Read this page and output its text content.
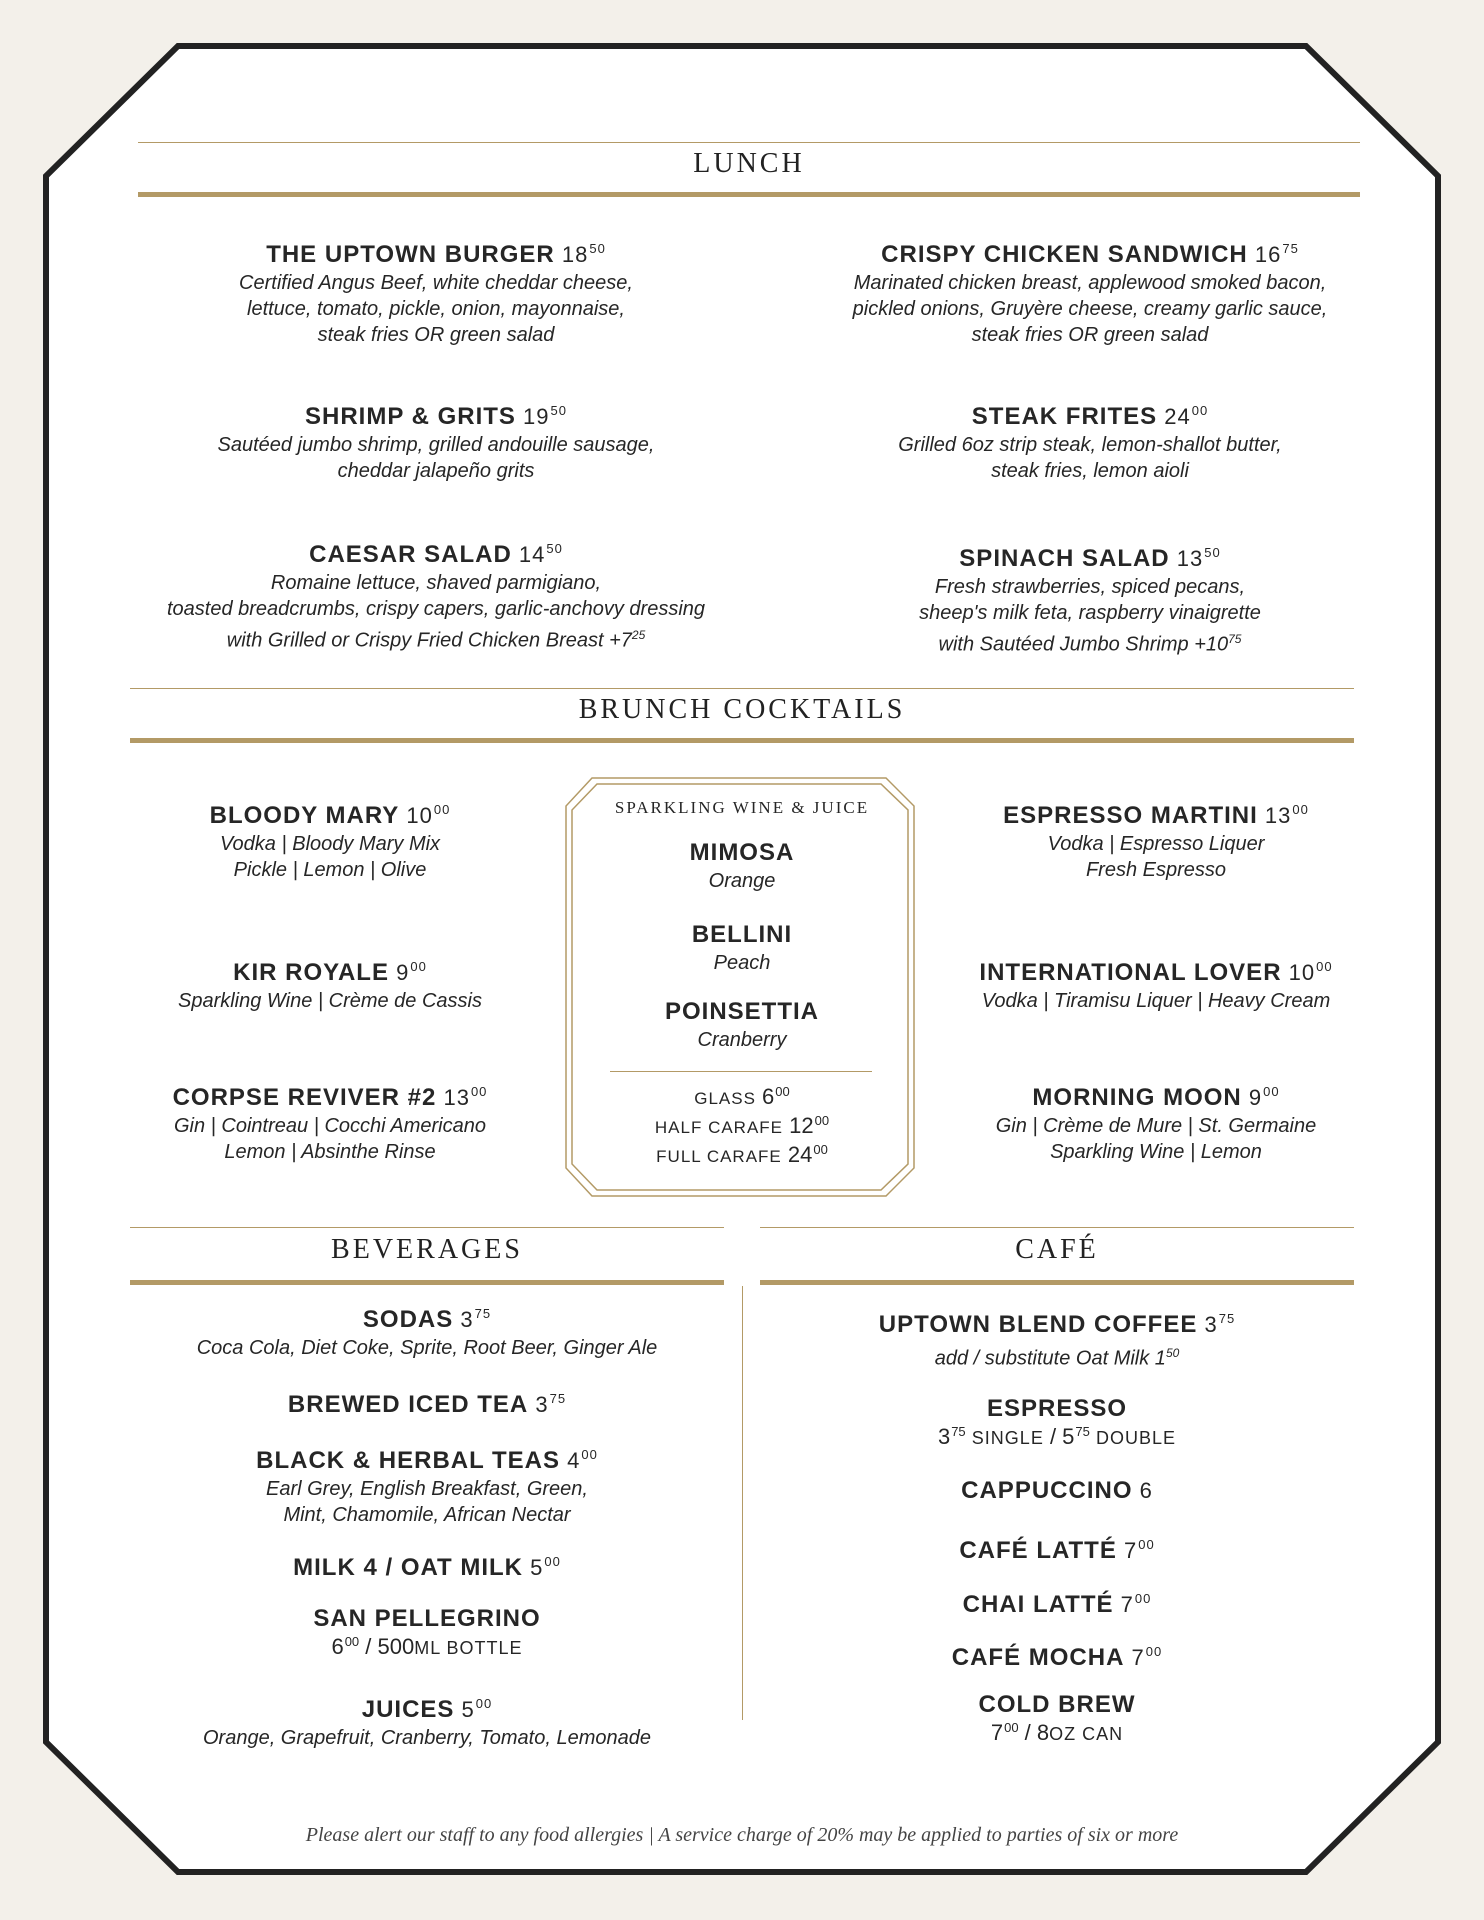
LUNCH
THE UPTOWN BURGER $18^{50}$
Certified Angus Beef, white cheddar cheese,
lettuce, tomato, pickle, onion, mayonnaise,
steak fries OR green salad
CRISPY CHICKEN SANDWICH $16^{75}$
Marinated chicken breast, applewood smoked bacon,
pickled onions, Gruyère cheese, creamy garlic sauce,
steak fries OR green salad
SHRIMP & GRITS $19^{50}$
Sautéed jumbo shrimp, grilled andouille sausage,
cheddar jalapeño grits
STEAK FRITES $24^{00}$
Grilled 6oz strip steak, lemon-shallot butter,
steak fries, lemon aioli
CAESAR SALAD $14^{50}$
Romaine lettuce, shaved parmigiano,
toasted breadcrumbs, crispy capers, garlic-anchovy dressing
with Grilled or Crispy Fried Chicken Breast $+7^{25}$
SPINACH SALAD $13^{50}$
Fresh strawberries, spiced pecans,
sheep's milk feta, raspberry vinaigrette
with Sautéed Jumbo Shrimp $+10^{75}$
BRUNCH COCKTAILS
BLOODY MARY $10^{00}$
Vodka | Bloody Mary Mix
Pickle | Lemon | Olive
KIR ROYALE $9^{00}$
Sparkling Wine | Crème de Cassis
CORPSE REVIVER #2 $13^{00}$
Gin | Cointreau | Cocchi Americano
Lemon | Absinthe Rinse
ESPRESSO MARTINI $13^{00}$
Vodka | Espresso Liquer
Fresh Espresso
INTERNATIONAL LOVER $10^{00}$
Vodka | Tiramisu Liquer | Heavy Cream
MORNING MOON $9^{00}$
Gin | Crème de Mure | St. Germaine
Sparkling Wine | Lemon
SPARKLING WINE & JUICE
MIMOSA
Orange
BELLINI
Peach
POINSETTIA
Cranberry
GLASS $6^{00}$
HALF CARAFE $12^{00}$
FULL CARAFE $24^{00}$
BEVERAGES	CAFÉ
SODAS $3^{75}$
Coca Cola, Diet Coke, Sprite, Root Beer, Ginger Ale
BREWED ICED TEA $3^{75}$
BLACK & HERBAL TEAS $4^{00}$
Earl Grey, English Breakfast, Green,
Mint, Chamomile, African Nectar
MILK 4 / OAT MILK $5^{00}$
SAN PELLEGRINO
$6^{00} / 500ML$ BOTTLE
JUICES $5^{00}$
Orange, Grapefruit, Cranberry, Tomato, Lemonade
UPTOWN BLEND COFFEE $3^{75}$
add / substitute Oat Milk $1^{50}$
ESPRESSO
$3^{75}$ SINGLE / $5^{75}$ DOUBLE
CAPPUCCINO 6
CAFÉ LATTÉ $7^{00}$
CHAI LATTÉ $7^{00}$
CAFÉ MOCHA $7^{00}$
COLD BREW
$7^{00} / 8OZ$ CAN
Please alert our staff to any food allergies | A service charge of 20% may be applied to parties of six or more
